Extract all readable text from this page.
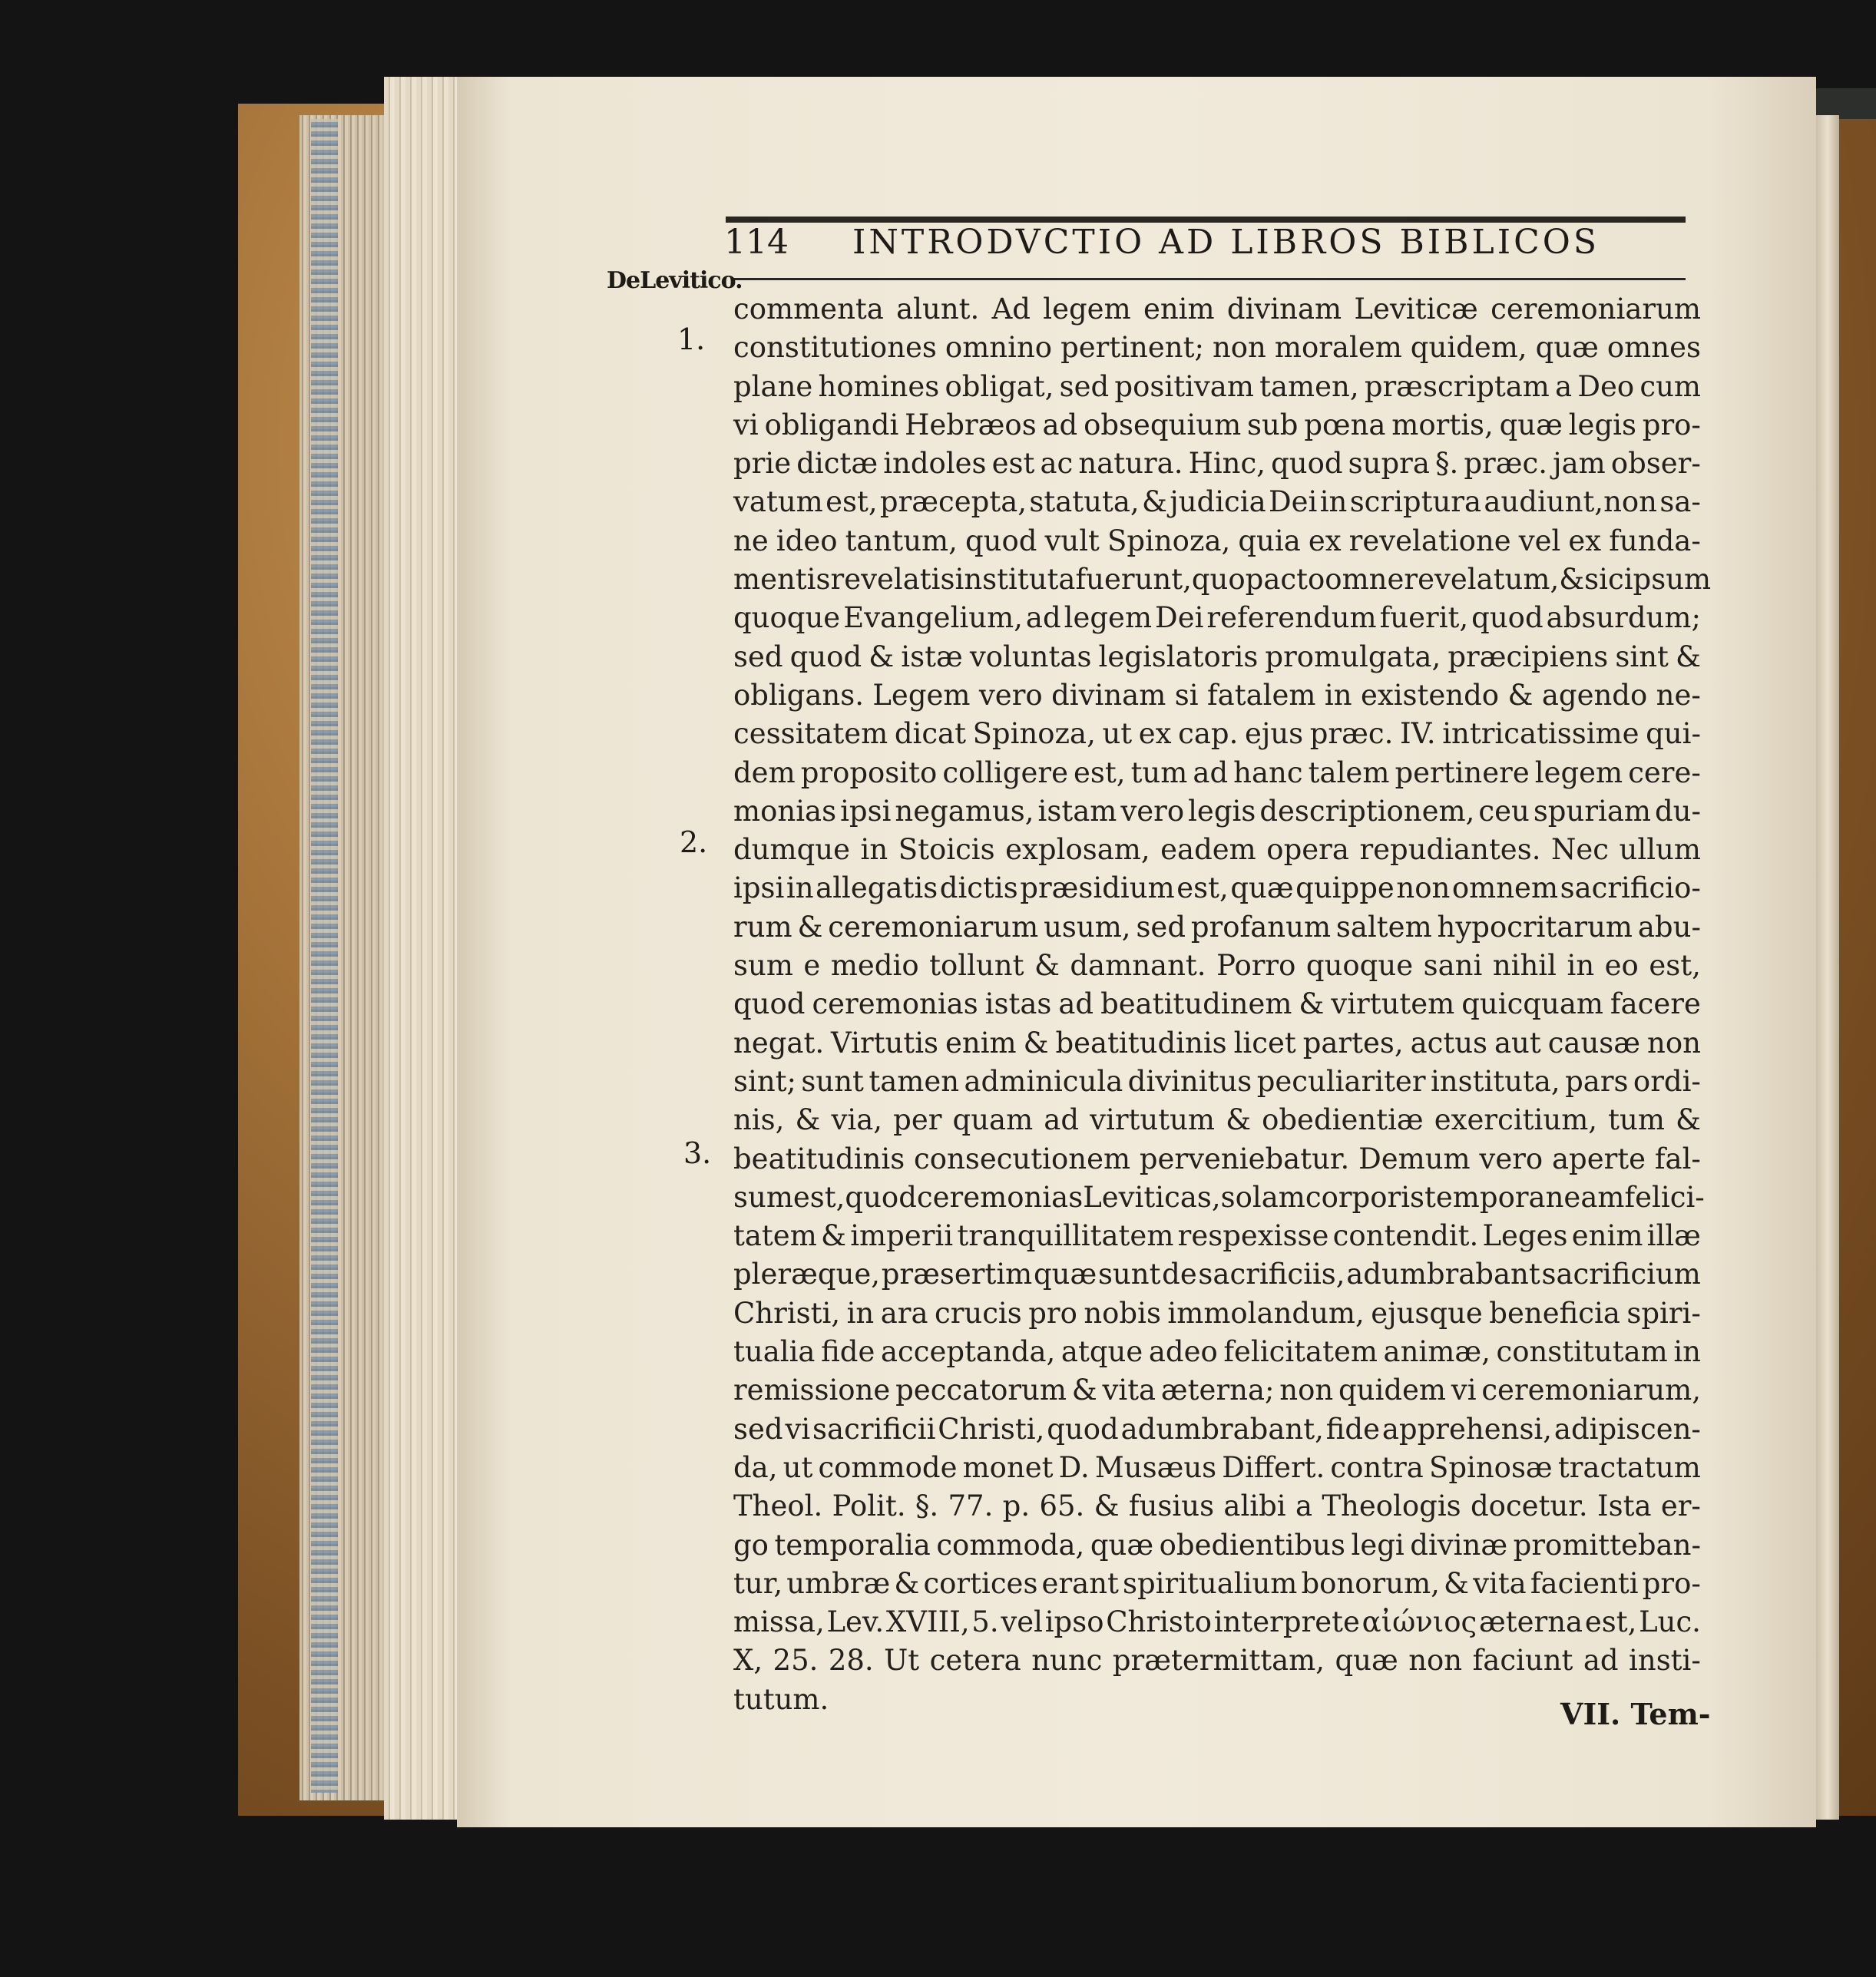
114 INTRODVCTIO AD LIBROS BIBLICOS
DeLevitico.
1.
2.
3.
commenta alunt. Ad legem enim divinam Leviticæ ceremoniarum
constitutiones omnino pertinent; non moralem quidem, quæ omnes
plane homines obligat, sed positivam tamen, præscriptam a Deo cum
vi obligandi Hebræos ad obsequium sub pœna mortis, quæ legis pro-
prie dictæ indoles est ac natura. Hinc, quod supra §. præc. jam obser-
vatum est, præcepta, statuta, & judicia Dei in scriptura audiunt,non sa-
ne ideo tantum, quod vult Spinoza, quia ex revelatione vel ex funda-
mentis revelatis instituta fuerunt, quo pacto omne revelatum,& sic ipsum
quoque Evangelium, ad legem Dei referendum fuerit, quod absurdum;
sed quod & istæ voluntas legislatoris promulgata, præcipiens sint &
obligans. Legem vero divinam si fatalem in existendo & agendo ne-
cessitatem dicat Spinoza, ut ex cap. ejus præc. IV. intricatissime qui-
dem proposito colligere est, tum ad hanc talem pertinere legem cere-
monias ipsi negamus, istam vero legis descriptionem, ceu spuriam du-
dumque in Stoicis explosam, eadem opera repudiantes. Nec ullum
ipsi in allegatis dictis præsidium est, quæ quippe non omnem sacrificio-
rum & ceremoniarum usum, sed profanum saltem hypocritarum abu-
sum e medio tollunt & damnant. Porro quoque sani nihil in eo est,
quod ceremonias istas ad beatitudinem & virtutem quicquam facere
negat. Virtutis enim & beatitudinis licet partes, actus aut causæ non
sint; sunt tamen adminicula divinitus peculiariter instituta, pars ordi-
nis, & via, per quam ad virtutum & obedientiæ exercitium, tum &
beatitudinis consecutionem perveniebatur. Demum vero aperte fal-
sum est, quod ceremonias Leviticas, solam corporis temporaneam felici-
tatem & imperii tranquillitatem respexisse contendit. Leges enim illæ
pleræque, præsertim quæ sunt de sacrificiis, adumbrabant sacrificium
Christi, in ara crucis pro nobis immolandum, ejusque beneficia spiri-
tualia fide acceptanda, atque adeo felicitatem animæ, constitutam in
remissione peccatorum & vita æterna; non quidem vi ceremoniarum,
sed vi sacrificii Christi, quod adumbrabant, fide apprehensi, adipiscen-
da, ut commode monet D. Musæus Differt. contra Spinosæ tractatum
Theol. Polit. §. 77. p. 65. & fusius alibi a Theologis docetur. Ista er-
go temporalia commoda, quæ obedientibus legi divinæ promitteban-
tur, umbræ & cortices erant spiritualium bonorum, & vita facienti pro-
missa, Lev. XVIII, 5. vel ipso Christo interprete αἰώνιος æterna est, Luc.
X, 25. 28. Ut cetera nunc prætermittam, quæ non faciunt ad insti-
tutum.	VII. Tem-
